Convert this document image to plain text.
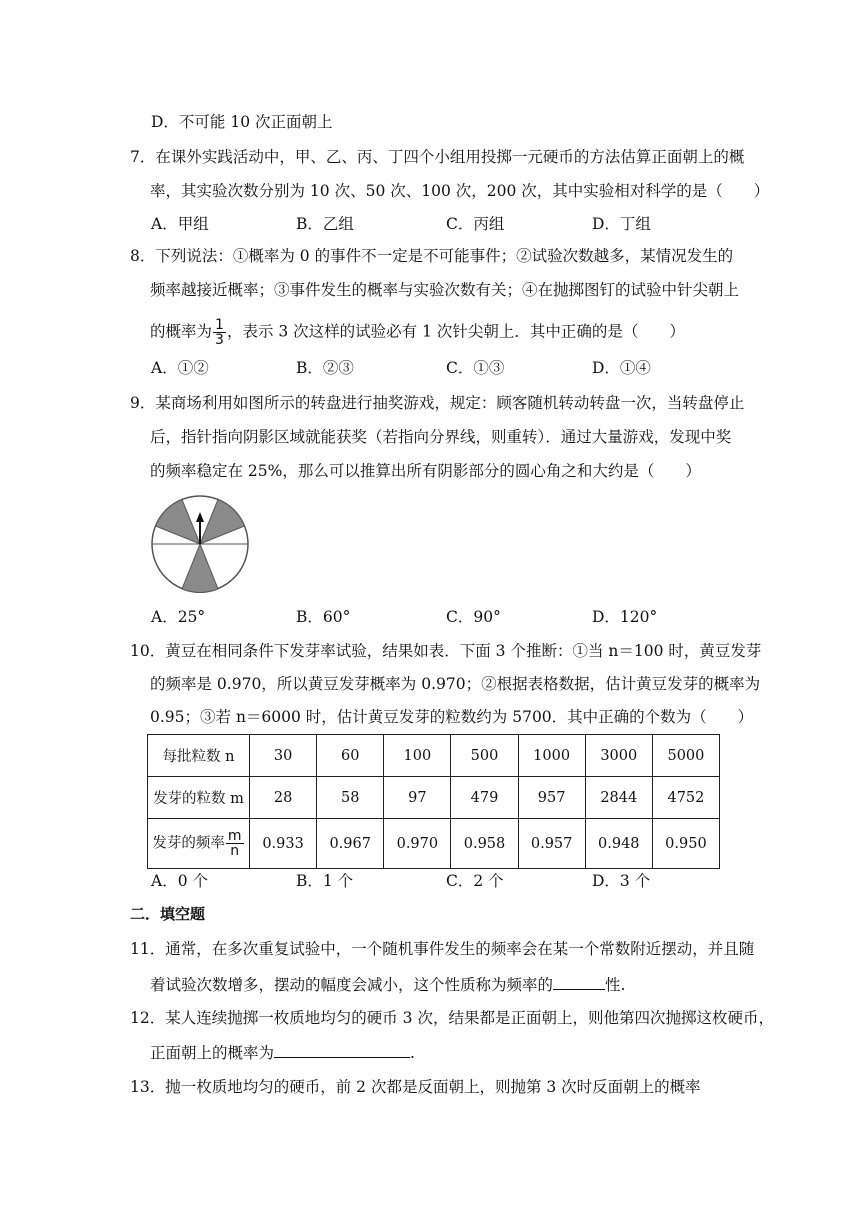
D．不可能 10 次正面朝上
7．在课外实践活动中，甲、乙、丙、丁四个小组用投掷一元硬币的方法估算正面朝上的概
率，其实验次数分别为 10 次、50 次、100 次，200 次，其中实验相对科学的是（　　）
A．甲组	B．乙组	C．丙组	D．丁组
8．下列说法：①概率为 0 的事件不一定是不可能事件；②试验次数越多，某情况发生的
频率越接近概率；③事件发生的概率与实验次数有关；④在抛掷图钉的试验中针尖朝上
的概率为 $\frac{1}{3}$ ，表示 3 次这样的试验必有 1 次针尖朝上．其中正确的是（　　）
A．①②	B．②③	C．①③	D．①④
9．某商场利用如图所示的转盘进行抽奖游戏，规定：顾客随机转动转盘一次，当转盘停止
后，指针指向阴影区域就能获奖（若指向分界线，则重转）．通过大量游戏，发现中奖
的频率稳定在 25%，那么可以推算出所有阴影部分的圆心角之和大约是（　　）
A．25°	B．60°	C．90°	D．120°
10．黄豆在相同条件下发芽率试验，结果如表．下面 3 个推断：①当 n＝100 时，黄豆发芽
的频率是 0.970，所以黄豆发芽概率为 0.970；②根据表格数据，估计黄豆发芽的概率为
0.95；③若 n＝6000 时，估计黄豆发芽的粒数约为 5700．其中正确的个数为（　　）
每批粒数 n	30	60	100	500	1000	3000	5000
发芽的粒数 m	28	58	97	479	957	2844	4752
发芽的频率 $\frac{m}{n}$	0.933	0.967	0.970	0.958	0.957	0.948	0.950
A．0 个	B．1 个	C．2 个	D．3 个
二．填空题
11．通常，在多次重复试验中，一个随机事件发生的频率会在某一个常数附近摆动，并且随
着试验次数增多，摆动的幅度会减小，这个性质称为频率的	性.
12．某人连续抛掷一枚质地均匀的硬币 3 次，结果都是正面朝上，则他第四次抛掷这枚硬币，
正面朝上的概率为	.
13．抛一枚质地均匀的硬币，前 2 次都是反面朝上，则抛第 3 次时反面朝上的概率
